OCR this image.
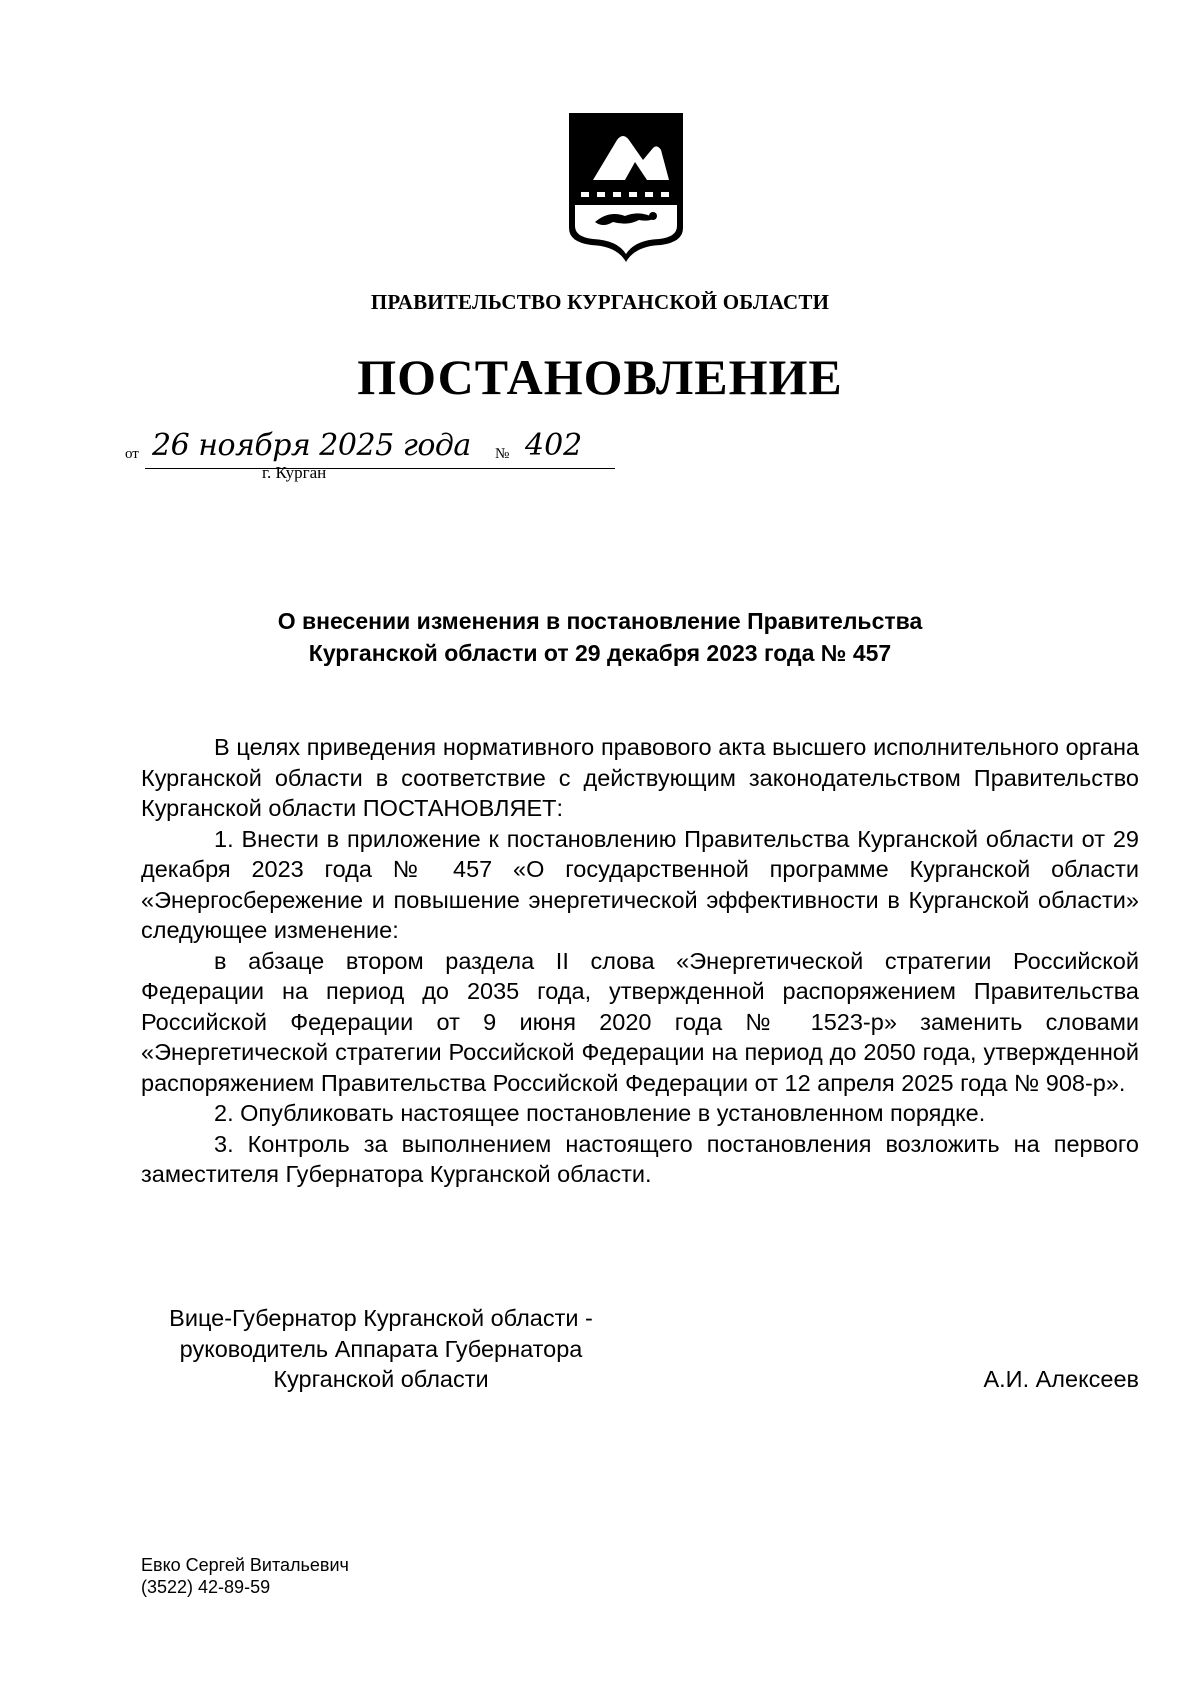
ПРАВИТЕЛЬСТВО КУРГАНСКОЙ ОБЛАСТИ
ПОСТАНОВЛЕНИЕ
от 26 ноября 2025 года № 402
г. Курган
О внесении изменения в постановление Правительства
Курганской области от 29 декабря 2023 года № 457

В целях приведения нормативного правового акта высшего исполнительного органа Курганской области в соответствие с действующим законодательством Правительство Курганской области ПОСТАНОВЛЯЕТ:

1. Внести в приложение к постановлению Правительства Курганской области от 29 декабря 2023 года № 457 «О государственной программе Курганской области «Энергосбережение и повышение энергетической эффективности в Курганской области» следующее изменение:

в абзаце втором раздела II слова «Энергетической стратегии Российской Федерации на период до 2035 года, утвержденной распоряжением Правительства Российской Федерации от 9 июня 2020 года № 1523-р» заменить словами «Энергетической стратегии Российской Федерации на период до 2050 года, утвержденной распоряжением Правительства Российской Федерации от 12 апреля 2025 года № 908-р».

2. Опубликовать настоящее постановление в установленном порядке.

3. Контроль за выполнением настоящего постановления возложить на первого заместителя Губернатора Курганской области.

Вице-Губернатор Курганской области -
руководитель Аппарата Губернатора
Курганской области	А.И. Алексеев
Евко Сергей Витальевич
(3522) 42-89-59
